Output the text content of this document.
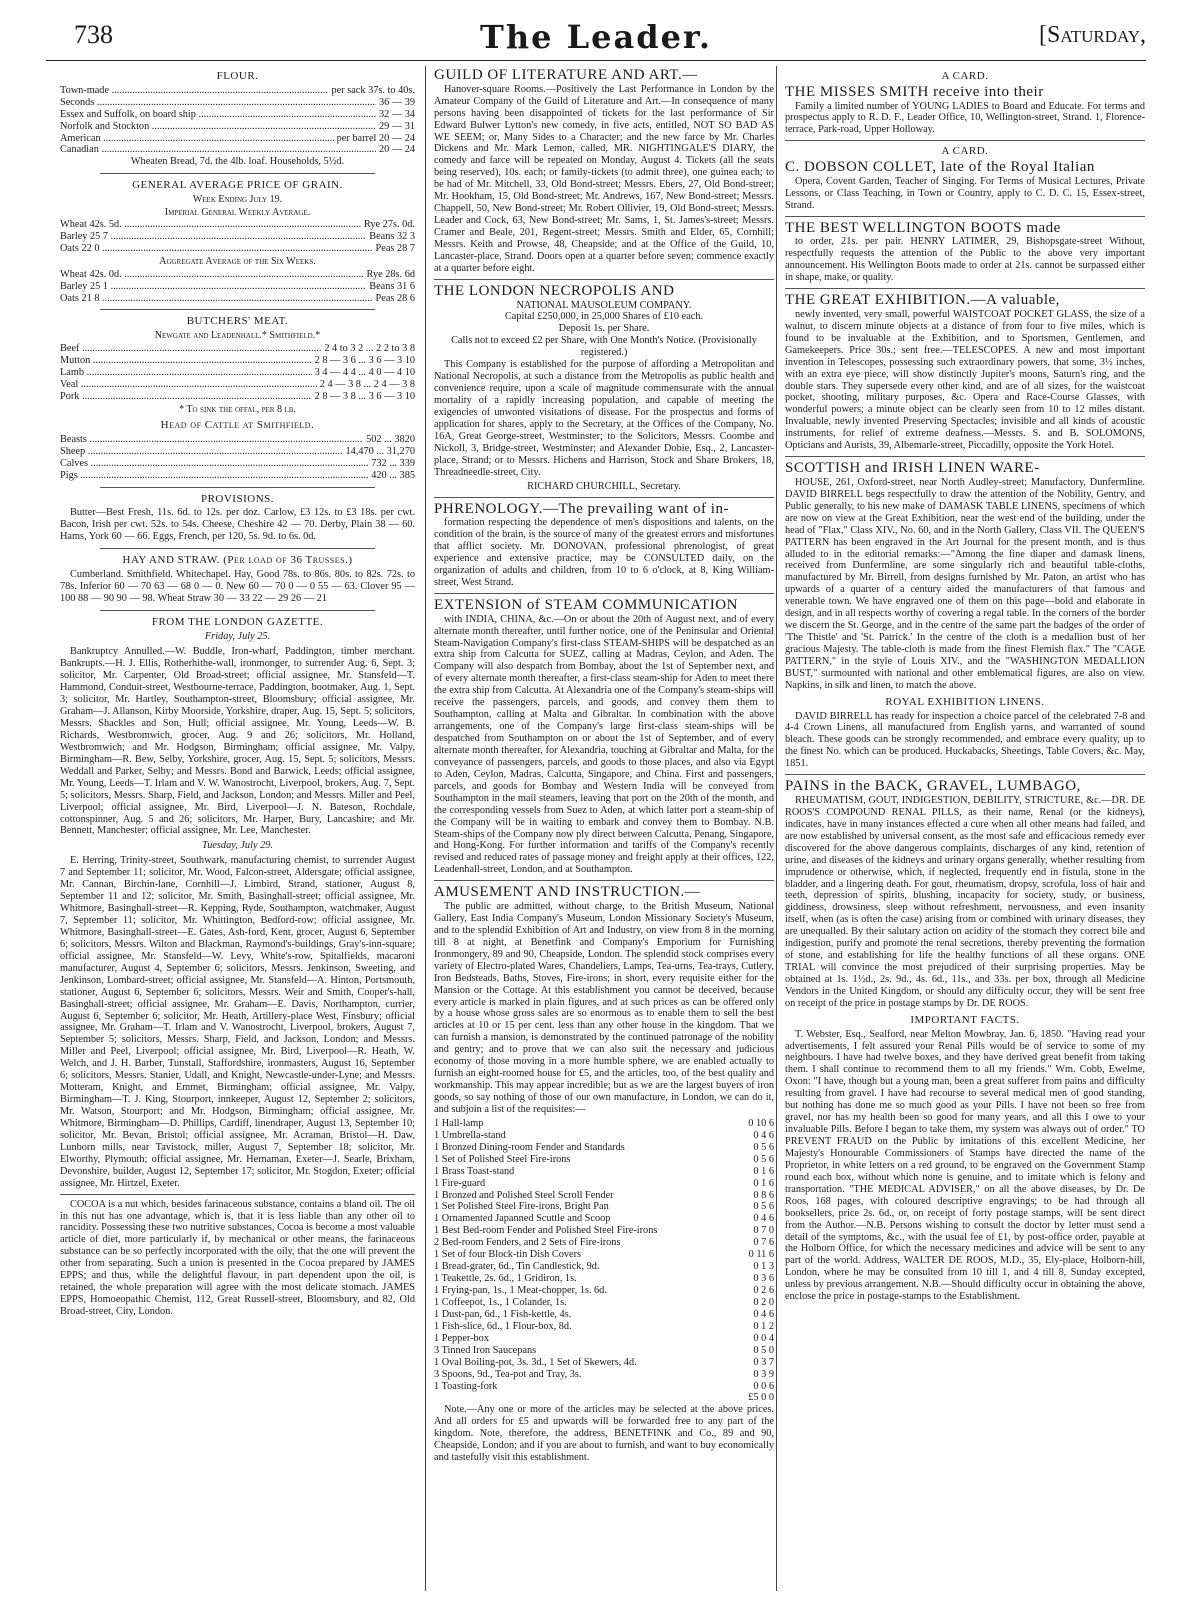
738	The Leader.	[Saturday,
FLOUR.
Town-made .....	per sack 37s. to 40s.
Seconds .....	36 — 39
Essex and Suffolk, on board ship .....	32 — 34
Norfolk and Stockton .....	29 — 31
American .....	per barrel 20 — 24
Canadian .....	20 — 24
Wheaten Bread, 7d. the 4lb. loaf. Households, 5½d.
GENERAL AVERAGE PRICE OF GRAIN.
Week Ending July 19.
Imperial General Weekly Average.
Wheat 42s. 5d. .....	Rye 27s. 0d.
Barley 25 7 .....	Beans 32 3
Oats 22 0 .....	Peas 28 7
Aggregate Average of the Six Weeks.
Wheat 42s. 0d. .....	Rye 28s. 6d
Barley 25 1 .....	Beans 31 6
Oats 21 8 .....	Peas 28 6
BUTCHERS' MEAT.
Newgate and Leadenhall.* Smithfield.*
Beef .....	2 4 to 3 2 ... 2 2 to 3 8
Mutton .....	2 8 — 3 6 ... 3 6 — 3 10
Lamb .....	3 4 — 4 4 ... 4 0 — 4 10
Veal .....	2 4 — 3 8 ... 2 4 — 3 8
Pork .....	2 8 — 3 8 ... 3 6 — 3 10
* To sink the offal, per 8 lb.
Head of Cattle at Smithfield.
Beasts .....	502 ... 3820
Sheep .....	14,470 ... 31,270
Calves .....	732 ... 339
Pigs .....	420 ... 385
PROVISIONS.

Butter—Best Fresh, 11s. 6d. to 12s. per doz. Carlow, £3 12s. to £3 18s. per cwt. Bacon, Irish per cwt. 52s. to 54s. Cheese, Cheshire 42 — 70. Derby, Plain 38 — 60. Hams, York 60 — 66. Eggs, French, per 120, 5s. 9d. to 6s. 0d.

HAY AND STRAW. (Per load of 36 Trusses.)

Cumberland. Smithfield. Whitechapel. Hay, Good 78s. to 86s. 80s. to 82s. 72s. to 78s. Inferior 60 — 70 63 — 68 0 — 0. New 60 — 70 0 — 0 55 — 63. Clover 95 — 100 88 — 90 90 — 98. Wheat Straw 30 — 33 22 — 29 26 — 21

FROM THE LONDON GAZETTE.
Friday, July 25.

Bankruptcy Annulled.—W. Buddle, Iron-wharf, Paddington, timber merchant. Bankrupts.—H. J. Ellis, Rotherhithe-wall, ironmonger, to surrender Aug. 6, Sept. 3; solicitor, Mr. Carpenter, Old Broad-street; official assignee, Mr. Stansfeld—T. Hammond, Conduit-street, Westbourne-terrace, Paddington, bootmaker, Aug. 1, Sept. 3; solicitor, Mr. Hartley, Southampton-street, Bloomsbury; official assignee, Mr. Graham—J. Allanson, Kirby Moorside, Yorkshire, draper, Aug. 15, Sept. 5; solicitors, Messrs. Shackles and Son, Hull; official assignee, Mr. Young, Leeds—W. B. Richards, Westbromwich, grocer, Aug. 9 and 26; solicitors, Mr. Holland, Westbromwich; and Mr. Hodgson, Birmingham; official assignee, Mr. Valpy, Birmingham—R. Bew, Selby, Yorkshire, grocer, Aug. 15, Sept. 5; solicitors, Messrs. Weddall and Parker, Selby; and Messrs. Bond and Barwick, Leeds; official assignee, Mr. Young, Leeds—T. Irlam and V. W. Wanostrocht, Liverpool, brokers, Aug. 7, Sept. 5; solicitors, Messrs. Sharp, Field, and Jackson, London; and Messrs. Miller and Peel, Liverpool; official assignee, Mr. Bird, Liverpool—J. N. Bateson, Rochdale, cottonspinner, Aug. 5 and 26; solicitors, Mr. Harper, Bury, Lancashire; and Mr. Bennett, Manchester; official assignee, Mr. Lee, Manchester.

Tuesday, July 29.

E. Herring, Trinity-street, Southwark, manufacturing chemist, to surrender August 7 and September 11; solicitor, Mr. Wood, Falcon-street, Aldersgate; official assignee, Mr. Cannan, Birchin-lane, Cornhill—J. Limbird, Strand, stationer, August 8, September 11 and 12; solicitor, Mr. Smith, Basinghall-street; official assignee, Mr. Whitmore, Basinghall-street—R. Kepping, Ryde, Southampton, watchmaker, August 7, September 11; solicitor, Mr. Whittington, Bedford-row; official assignee, Mr. Whitmore, Basinghall-street—E. Gates, Ash-ford, Kent, grocer, August 6, September 6; solicitors, Messrs. Wilton and Blackman, Raymond's-buildings, Gray's-inn-square; official assignee, Mr. Stansfeld—W. Levy, White's-row, Spitalfields, macaroni manufacturer, August 4, September 6; solicitors, Messrs. Jenkinson, Sweeting, and Jenkinson, Lombard-street; official assignee, Mr. Stansfeld—A. Hinton, Portsmouth, stationer, August 6, September 6; solicitors, Messrs. Weir and Smith, Cooper's-hall, Basinghall-street; official assignee, Mr. Graham—E. Davis, Northampton, currier, August 6, September 6; solicitor, Mr. Heath, Artillery-place West, Finsbury; official assignee, Mr. Graham—T. Irlam and V. Wanostrocht, Liverpool, brokers, August 7, September 5; solicitors, Messrs. Sharp, Field, and Jackson, London; and Messrs. Miller and Peel, Liverpool; official assignee, Mr. Bird, Liverpool—R. Heath, W. Welch, and J. H. Barber, Tunstall, Staffordshire, ironmasters, August 16, September 6; solicitors, Messrs. Stanier, Udall, and Knight, Newcastle-under-Lyne; and Messrs. Motteram, Knight, and Emmet, Birmingham; official assignee, Mr. Valpy, Birmingham—T. J. King, Stourport, innkeeper, August 12, September 2; solicitors, Mr. Watson, Stourport; and Mr. Hodgson, Birmingham; official assignee, Mr. Whitmore, Birmingham—D. Phillips, Cardiff, linendraper, August 13, September 10; solicitor, Mr. Bevan, Bristol; official assignee, Mr. Acraman, Bristol—H. Daw, Lunborn mills, near Tavistock, miller, August 7, September 18; solicitor, Mr. Elworthy, Plymouth; official assignee, Mr. Hernaman, Exeter—J. Searle, Brixham, Devonshire, builder, August 12, September 17; solicitor, Mr. Stogdon, Exeter; official assignee, Mr. Hirtzel, Exeter.

COCOA is a nut which, besides farinaceous substance, contains a bland oil. The oil in this nut has one advantage, which is, that it is less liable than any other oil to rancidity. Possessing these two nutritive substances, Cocoa is become a most valuable article of diet, more particularly if, by mechanical or other means, the farinaceous substance can be so perfectly incorporated with the oily, that the one will prevent the other from separating. Such a union is presented in the Cocoa prepared by JAMES EPPS; and thus, while the delightful flavour, in part dependent upon the oil, is retained, the whole preparation will agree with the most delicate stomach. JAMES EPPS, Homoeopathic Chemist, 112, Great Russell-street, Bloomsbury, and 82, Old Broad-street, City, London.

GUILD OF LITERATURE AND ART.—

Hanover-square Rooms.—Positively the Last Performance in London by the Amateur Company of the Guild of Literature and Art.—In consequence of many persons having been disappointed of tickets for the last performance of Sir Edward Bulwer Lytton's new comedy, in five acts, entitled, NOT SO BAD AS WE SEEM; or, Many Sides to a Character; and the new farce by Mr. Charles Dickens and Mr. Mark Lemon, called, MR. NIGHTINGALE'S DIARY, the comedy and farce will be repeated on Monday, August 4. Tickets (all the seats being reserved), 10s. each; or family-tickets (to admit three), one guinea each; to be had of Mr. Mitchell, 33, Old Bond-street; Messrs. Ebers, 27, Old Bond-street; Mr. Hookham, 15, Old Bond-street; Mr. Andrews, 167, New Bond-street; Messrs. Chappell, 50, New Bond-street; Mr. Robert Ollivier, 19, Old Bond-street; Messrs. Leader and Cock, 63, New Bond-street; Mr. Sams, 1, St. James's-street; Messrs. Cramer and Beale, 201, Regent-street; Messrs. Smith and Elder, 65, Cornhill; Messrs. Keith and Prowse, 48, Cheapside; and at the Office of the Guild, 10, Lancaster-place, Strand. Doors open at a quarter before seven; commence exactly at a quarter before eight.

THE LONDON NECROPOLIS AND
NATIONAL MAUSOLEUM COMPANY.
Capital £250,000, in 25,000 Shares of £10 each.
Deposit 1s. per Share.
Calls not to exceed £2 per Share, with One Month's Notice. (Provisionally registered.)

This Company is established for the purpose of affording a Metropolitan and National Necropolis, at such a distance from the Metropolis as public health and convenience require, upon a scale of magnitude commensurate with the annual mortality of a rapidly increasing population, and capable of meeting the exigencies of unwonted visitations of disease. For the prospectus and forms of application for shares, apply to the Secretary, at the Offices of the Company, No. 16A, Great George-street, Westminster; to the Solicitors, Messrs. Coombe and Nickoll, 3, Bridge-street, Westminster; and Alexander Dobie, Esq., 2, Lancaster-place, Strand; or to Messrs. Hichens and Harrison, Stock and Share Brokers, 18, Threadneedle-street, City.

RICHARD CHURCHILL, Secretary.
PHRENOLOGY.—The prevailing want of in-

formation respecting the dependence of men's dispositions and talents, on the condition of the brain, is the source of many of the greatest errors and misfortunes that afflict society. Mr. DONOVAN, professional phrenologist, of great experience and extensive practice, may be CONSULTED daily, on the organization of adults and children, from 10 to 6 o'clock, at 8, King William-street, West Strand.

EXTENSION of STEAM COMMUNICATION

with INDIA, CHINA, &c.—On or about the 20th of August next, and of every alternate month thereafter, until further notice, one of the Peninsular and Oriental Steam-Navigation Company's first-class STEAM-SHIPS will be despatched as an extra ship from Calcutta for SUEZ, calling at Madras, Ceylon, and Aden. The Company will also despatch from Bombay, about the 1st of September next, and of every alternate month thereafter, a first-class steam-ship for Aden to meet there the extra ship from Calcutta. At Alexandria one of the Company's steam-ships will receive the passengers, parcels, and goods, and convey them them to Southampton, calling at Malta and Gibraltar. In combination with the above arrangements, one of the Company's large first-class steam-ships will be despatched from Southampton on or about the 1st of September, and of every alternate month thereafter, for Alexandria, touching at Gibraltar and Malta, for the conveyance of passengers, parcels, and goods to those places, and also via Egypt to Aden, Ceylon, Madras, Calcutta, Singapore, and China. First and passengers, parcels, and goods for Bombay and Western India will be conveyed from Southampton in the mail steamers, leaving that port on the 20th of the month, and the corresponding vessels from Suez to Aden, at which latter port a steam-ship of the Company will be in waiting to embark and convey them to Bombay. N.B. Steam-ships of the Company now ply direct between Calcutta, Penang, Singapore, and Hong-Kong. For further information and tariffs of the Company's recently revised and reduced rates of passage money and freight apply at their offices, 122, Leadenhall-street, London, and at Southampton.

AMUSEMENT AND INSTRUCTION.—

The public are admitted, without charge, to the British Museum, National Gallery, East India Company's Museum, London Missionary Society's Museum, and to the splendid Exhibition of Art and Industry, on view from 8 in the morning till 8 at night, at Benetfink and Company's Emporium for Furnishing Ironmongery, 89 and 90, Cheapside, London. The splendid stock comprises every variety of Electro-plated Wares, Chandeliers, Lamps, Tea-urns, Tea-trays, Cutlery, Iron Bedsteads, Baths, Stoves, Fire-irons; in short, every requisite either for the Mansion or the Cottage. At this establishment you cannot be deceived, because every article is marked in plain figures, and at such prices as can be offered only by a house whose gross sales are so enormous as to enable them to sell the best articles at 10 or 15 per cent. less than any other house in the kingdom. That we can furnish a mansion, is demonstrated by the continued patronage of the nobility and gentry; and to prove that we can also suit the necessary and judicious economy of those moving in a more humble sphere, we are enabled actually to furnish an eight-roomed house for £5, and the articles, too, of the best quality and workmanship. This may appear incredible; but as we are the largest buyers of iron goods, so say nothing of those of our own manufacture, in London, we can do it, and subjoin a list of the requisites:—

1 Hall-lamp	0 10 6
1 Umbrella-stand	0 4 6
1 Bronzed Dining-room Fender and Standards	0 5 6
1 Set of Polished Steel Fire-irons	0 5 6
1 Brass Toast-stand	0 1 6
1 Fire-guard	0 1 6
1 Bronzed and Polished Steel Scroll Fender	0 8 6
1 Set Polished Steel Fire-irons, Bright Pan	0 5 6
1 Ornamented Japanned Scuttle and Scoop	0 4 6
1 Best Bed-room Fender and Polished Steel Fire-irons	0 7 0
2 Bed-room Fenders, and 2 Sets of Fire-irons	0 7 6
1 Set of four Block-tin Dish Covers	0 11 6
1 Bread-grater, 6d., Tin Candlestick, 9d.	0 1 3
1 Teakettle, 2s. 6d., 1 Gridiron, 1s.	0 3 6
1 Frying-pan, 1s., 1 Meat-chopper, 1s. 6d.	0 2 6
1 Coffeepot, 1s., 1 Colander, 1s.	0 2 0
1 Dust-pan, 6d., 1 Fish-kettle, 4s.	0 4 6
1 Fish-slice, 6d., 1 Flour-box, 8d.	0 1 2
1 Pepper-box	0 0 4
3 Tinned Iron Saucepans	0 5 0
1 Oval Boiling-pot, 3s. 3d., 1 Set of Skewers, 4d.	0 3 7
3 Spoons, 9d., Tea-pot and Tray, 3s.	0 3 9
1 Toasting-fork	0 0 6
£5 0 0

Note.—Any one or more of the articles may be selected at the above prices. And all orders for £5 and upwards will be forwarded free to any part of the kingdom. Note, therefore, the address, BENETFINK and Co., 89 and 90, Cheapside, London; and if you are about to furnish, and want to buy economically and tastefully visit this establishment.

A CARD.
THE MISSES SMITH receive into their

Family a limited number of YOUNG LADIES to Board and Educate. For terms and prospectus apply to R. D. F., Leader Office, 10, Wellington-street, Strand. 1, Florence-terrace, Park-road, Upper Holloway.

A CARD.
C. DOBSON COLLET, late of the Royal Italian

Opera, Covent Garden, Teacher of Singing. For Terms of Musical Lectures, Private Lessons, or Class Teaching, in Town or Country, apply to C. D. C. 15, Essex-street, Strand.

THE BEST WELLINGTON BOOTS made

to order, 21s. per pair. HENRY LATIMER, 29, Bishopsgate-street Without, respectfully requests the attention of the Public to the above very important announcement. His Wellington Boots made to order at 21s. cannot be surpassed either in shape, make, or quality.

THE GREAT EXHIBITION.—A valuable,

newly invented, very small, powerful WAISTCOAT POCKET GLASS, the size of a walnut, to discern minute objects at a distance of from four to five miles, which is found to be invaluable at the Exhibition, and to Sportsmen, Gentlemen, and Gamekeepers. Price 30s.; sent free.—TELESCOPES. A new and most important invention in Telescopes, possessing such extraordinary powers, that some, 3½ inches, with an extra eye piece, will show distinctly Jupiter's moons, Saturn's ring, and the double stars. They supersede every other kind, and are of all sizes, for the waistcoat pocket, shooting, military purposes, &c. Opera and Race-Course Glasses, with wonderful powers; a minute object can be clearly seen from 10 to 12 miles distant. Invaluable, newly invented Preserving Spectacles; invisible and all kinds of acoustic instruments, for relief of extreme deafness.—Messrs. S. and B. SOLOMONS, Opticians and Aurists, 39, Albemarle-street, Piccadilly, opposite the York Hotel.

SCOTTISH and IRISH LINEN WARE-

HOUSE, 261, Oxford-street, near North Audley-street; Manufactory, Dunfermline. DAVID BIRRELL begs respectfully to draw the attention of the Nobility, Gentry, and Public generally, to his new make of DAMASK TABLE LINENS, specimens of which are now on view at the Great Exhibition, near the west end of the building, under the head of "Flax," Class XIV., No. 60, and in the North Gallery, Class VII. The QUEEN'S PATTERN has been engraved in the Art Journal for the present month, and is thus alluded to in the editorial remarks:—"Among the fine diaper and damask linens, received from Dunfermline, are some singularly rich and beautiful table-cloths, manufactured by Mr. Birrell, from designs furnished by Mr. Paton, an artist who has upwards of a quarter of a century aided the manufacturers of that famous and venerable town. We have engraved one of them on this page—bold and elaborate in design, and in all respects worthy of covering a regal table. In the corners of the border we discern the St. George, and in the centre of the same part the badges of the order of 'The Thistle' and 'St. Patrick.' In the centre of the cloth is a medallion bust of her gracious Majesty. The table-cloth is made from the finest Flemish flax." The "CAGE PATTERN," in the style of Louis XIV., and the "WASHINGTON MEDALLION BUST," surmounted with national and other emblematical figures, are also on view. Napkins, in silk and linen, to match the above.

ROYAL EXHIBITION LINENS.

DAVID BIRRELL has ready for inspection a choice parcel of the celebrated 7-8 and 4-4 Crown Linens, all manufactured from English yarns, and warranted of sound bleach. These goods can be strongly recommended, and embrace every quality, up to the finest No. which can be produced. Huckabacks, Sheetings, Table Covers, &c. May, 1851.

PAINS in the BACK, GRAVEL, LUMBAGO,

RHEUMATISM, GOUT, INDIGESTION, DEBILITY, STRICTURE, &c.—DR. DE ROOS'S COMPOUND RENAL PILLS, as their name, Renal (or the kidneys), indicates, have in many instances effected a cure when all other means had failed, and are now established by universal consent, as the most safe and efficacious remedy ever discovered for the above dangerous complaints, discharges of any kind, retention of urine, and diseases of the kidneys and urinary organs generally, whether resulting from imprudence or otherwise, which, if neglected, frequently end in fistula, stone in the bladder, and a lingering death. For gout, rheumatism, dropsy, scrofula, loss of hair and teeth, depression of spirits, blushing, incapacity for society, study, or business, giddiness, drowsiness, sleep without refreshment, nervousness, and even insanity itself, when (as is often the case) arising from or combined with urinary diseases, they are unequalled. By their salutary action on acidity of the stomach they correct bile and indigestion, purify and promote the renal secretions, thereby preventing the formation of stone, and establishing for life the healthy functions of all these organs. ONE TRIAL will convince the most prejudiced of their surprising properties. May be obtained at 1s. 1½d., 2s. 9d., 4s. 6d., 11s., and 33s. per box, through all Medicine Vendors in the United Kingdom, or should any difficulty occur, they will be sent free on receipt of the price in postage stamps by Dr. DE ROOS.

IMPORTANT FACTS.

T. Webster, Esq., Sealford, near Melton Mowbray, Jan. 6, 1850. "Having read your advertisements, I felt assured your Renal Pills would be of service to some of my neighbours. I have had twelve boxes, and they have derived great benefit from taking them. I shall continue to recommend them to all my friends." Wm. Cobb, Ewelme, Oxon: "I have, though but a young man, been a great sufferer from pains and difficulty resulting from gravel. I have had recourse to several medical men of good standing, but nothing has done me so much good as your Pills. I have not been so free from gravel, nor has my health been so good for many years, and all this I owe to your invaluable Pills. Before I began to take them, my system was always out of order." TO PREVENT FRAUD on the Public by imitations of this excellent Medicine, her Majesty's Honourable Commissioners of Stamps have directed the name of the Proprietor, in white letters on a red ground, to be engraved on the Government Stamp round each box, without which none is genuine, and to imitate which is felony and transportation. "THE MEDICAL ADVISER," on all the above diseases, by Dr. De Roos, 168 pages, with coloured descriptive engravings; to be had through all booksellers, price 2s. 6d., or, on receipt of forty postage stamps, will be sent direct from the Author.—N.B. Persons wishing to consult the doctor by letter must send a detail of the symptoms, &c., with the usual fee of £1, by post-office order, payable at the Holborn Office, for which the necessary medicines and advice will be sent to any part of the world. Address, WALTER DE ROOS, M.D., 35, Ely-place, Holborn-hill, London, where he may be consulted from 10 till 1, and 4 till 8, Sunday excepted, unless by previous arrangement. N.B.—Should difficulty occur in obtaining the above, enclose the price in postage-stamps to the Establishment.
